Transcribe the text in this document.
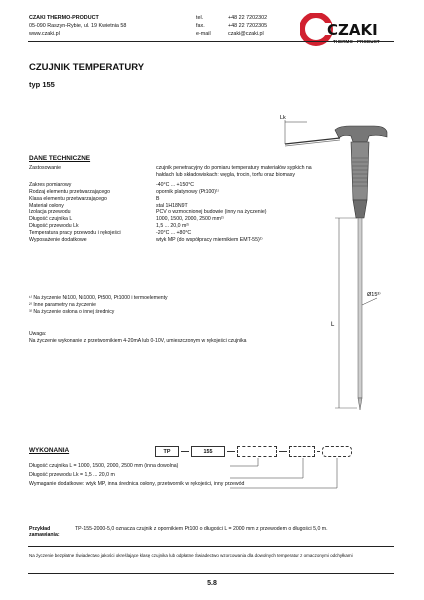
CZAKI THERMO-PRODUCT
05-090 Raszyn-Rybie, ul. 19 Kwietnia 58
www.czaki.pl
tel.	+48 22 7202302
fax.	+48 22 7202305
e-mail	czaki@czaki.pl	CZAKI
THERMO - PRODUCT
CZUJNIK TEMPERATURY
typ 155
Lk
Ø15³⁾
L
DANE TECHNICZNE
Zastosowanie	czujnik penetracyjny do pomiaru temperatury materiałów sypkich na hałdach lub składowiskach: węgla, trocin, torfu oraz biomasy
Zakres pomiarowy	-40°C ... +150°C
Rodzaj elementu przetwarzającego	opornik platynowy (Pt100)¹⁾
Klasa elementu przetwarzającego	B
Materiał osłony	stal 1H18N9T
Izolacja przewodu	PCV o wzmocnionej budowie (inny na życzenie)
Długość czujnika L	1000, 1500, 2000, 2500 mm²⁾
Długość przewodu Lk	1,5 ... 20,0 m²⁾
Temperatura pracy przewodu i rękojeści	-20°C ... +80°C
Wyposażenie dodatkowe	wtyk MP (do współpracy miernikiem EMT-55)²⁾
¹⁾ Na życzenie Ni100, Ni1000, Pt500, Pt1000 i termoelementy
²⁾ Inne parametry na życzenie
³⁾ Na życzenie osłona o innej średnicy
Uwaga:
Na życzenie wykonanie z przetwornikiem 4-20mA lub 0-10V, umieszczonym w rękojeści czujnika
WYKONANIA	TP	155
Długość czujnika L = 1000, 1500, 2000, 2500 mm (inna dowolna)
Długość przewodu Lk = 1,5 ... 20,0 m
Wymaganie dodatkowe: wtyk MP, inna średnica osłony, przetwornik w rękojeści, inny przewód
Przykład zamawiania:
TP-155-2000-5,0 oznacza czujnik z opornikiem Pt100 o długości L = 2000 mm z przewodem o długości 5,0 m.
Na życzenie bezpłatne Świadectwo jakości określające klasę czujnika lub odpłatne Świadectwo wzorcowania dla dowolnych temperatur z omaczonymi odchyłkami
5.8
